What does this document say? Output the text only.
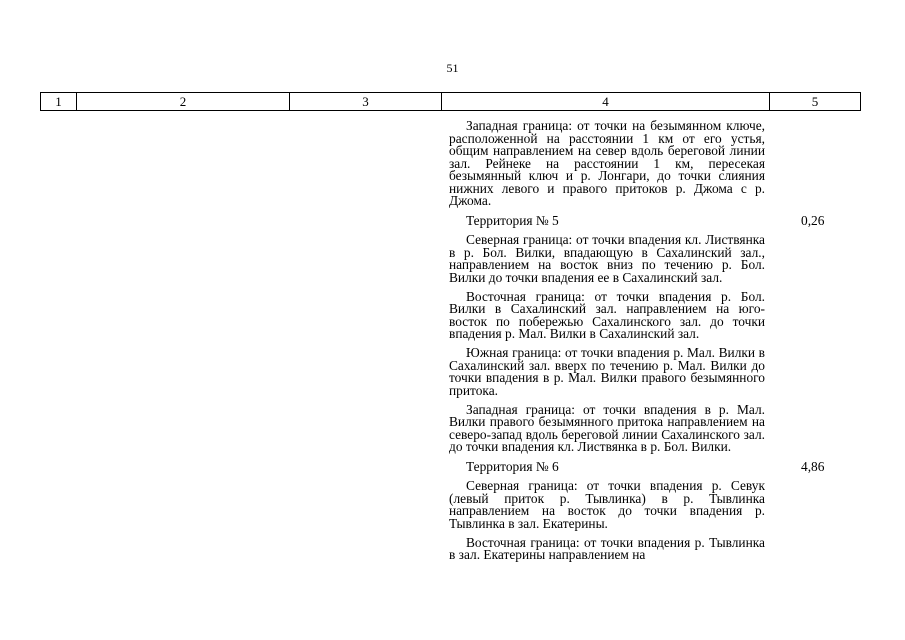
51
1	2	3	4	5

Западная граница: от точки на безымянном ключе, расположенной на расстоянии 1 км от его устья, общим направлением на север вдоль береговой линии зал. Рейнеке на расстоянии 1 км, пересекая безымянный ключ и р. Лонгари, до точки слияния нижних левого и правого притоков р. Джома с р. Джома.

Территория № 5	0,26

Северная граница: от точки впадения кл. Листвянка в р. Бол. Вилки, впадающую в Сахалинский зал., направлением на восток вниз по течению р. Бол. Вилки до точки впадения ее в Сахалинский зал.

Восточная граница: от точки впадения р. Бол. Вилки в Сахалинский зал. направлением на юго-восток по побережью Сахалинского зал. до точки впадения р. Мал. Вилки в Сахалинский зал.

Южная граница: от точки впадения р. Мал. Вилки в Сахалинский зал. вверх по течению р. Мал. Вилки до точки впадения в р. Мал. Вилки правого безымянного притока.

Западная граница: от точки впадения в р. Мал. Вилки правого безымянного притока направлением на северо-запад вдоль береговой линии Сахалинского зал. до точки впадения кл. Листвянка в р. Бол. Вилки.

Территория № 6	4,86

Северная граница: от точки впадения р. Севук (левый приток р. Тывлинка) в р. Тывлинка направлением на восток до точки впадения р. Тывлинка в зал. Екатерины.

Восточная граница: от точки впадения р. Тывлинка в зал. Екатерины направлением на
